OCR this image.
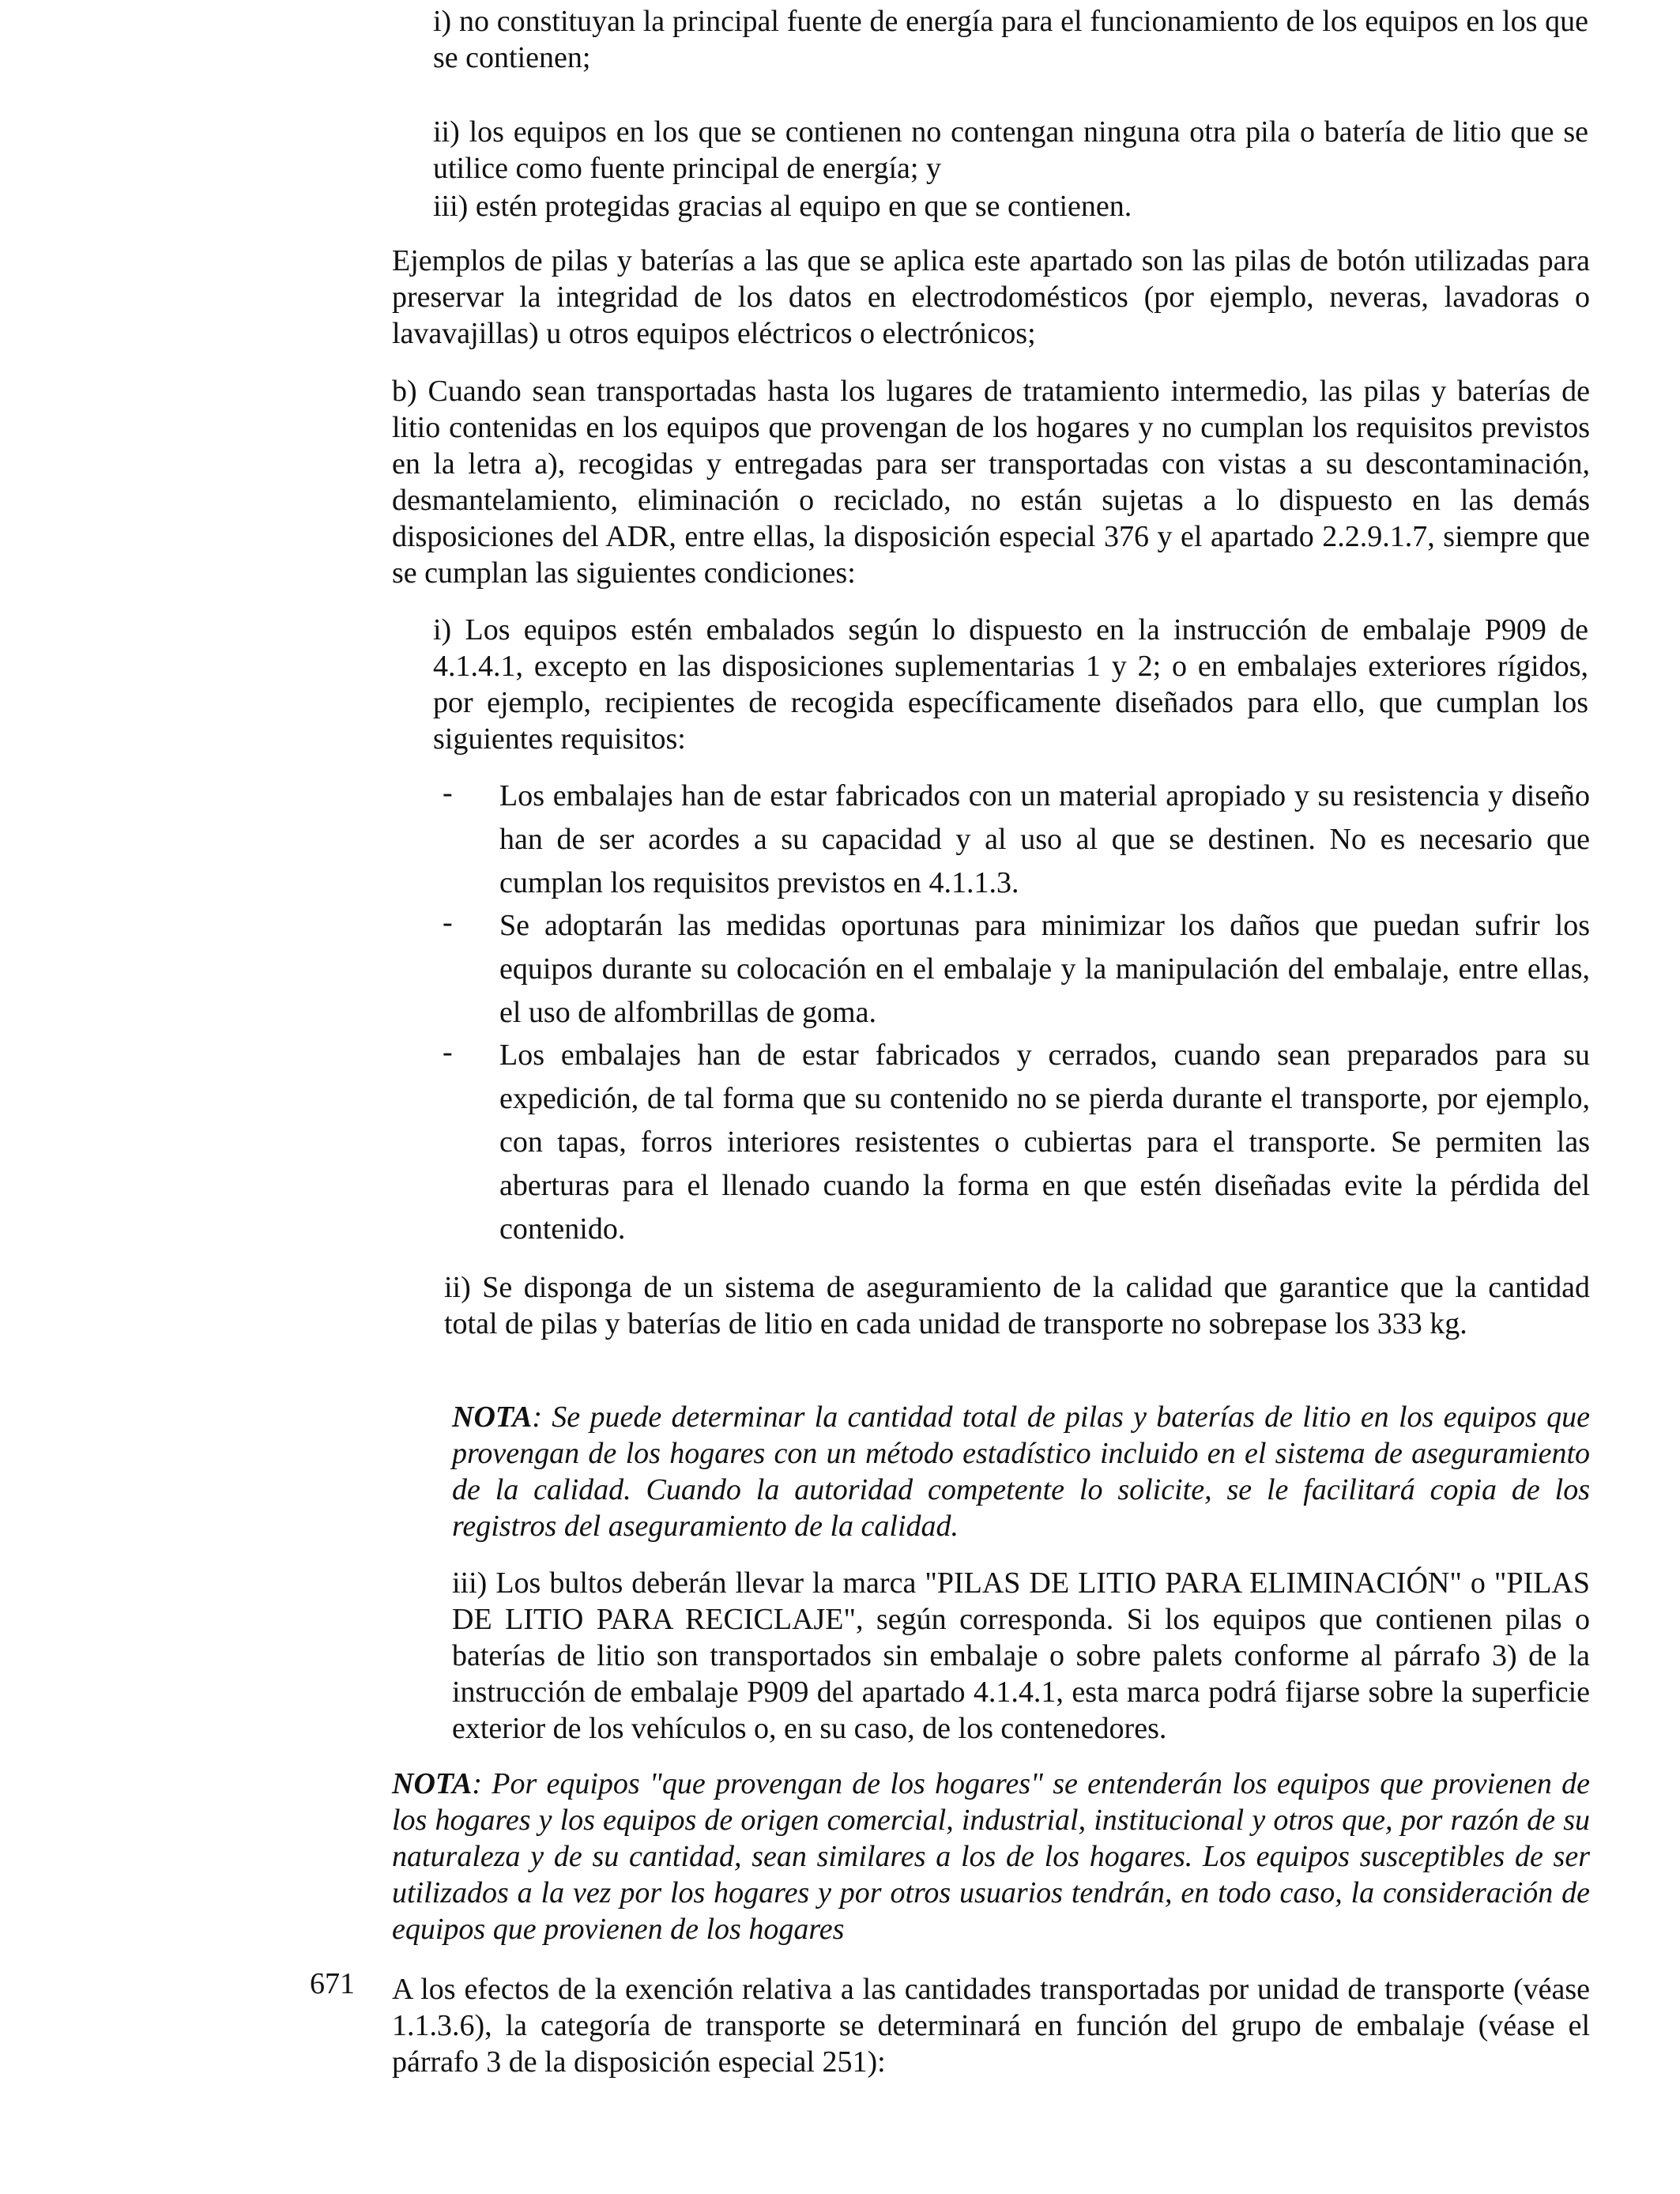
i) no constituyan la principal fuente de energía para el funcionamiento de los equipos en los que se contienen;

ii) los equipos en los que se contienen no contengan ninguna otra pila o batería de litio que se utilice como fuente principal de energía; y

iii) estén protegidas gracias al equipo en que se contienen.

Ejemplos de pilas y baterías a las que se aplica este apartado son las pilas de botón utilizadas para preservar la integridad de los datos en electrodomésticos (por ejemplo, neveras, lavadoras o lavavajillas) u otros equipos eléctricos o electrónicos;

b) Cuando sean transportadas hasta los lugares de tratamiento intermedio, las pilas y baterías de litio contenidas en los equipos que provengan de los hogares y no cumplan los requisitos previstos en la letra a), recogidas y entregadas para ser transportadas con vistas a su descontaminación, desmantelamiento, eliminación o reciclado, no están sujetas a lo dispuesto en las demás disposiciones del ADR, entre ellas, la disposición especial 376 y el apartado 2.2.9.1.7, siempre que se cumplan las siguientes condiciones:

i) Los equipos estén embalados según lo dispuesto en la instrucción de embalaje P909 de 4.1.4.1, excepto en las disposiciones suplementarias 1 y 2; o en embalajes exteriores rígidos, por ejemplo, recipientes de recogida específicamente diseñados para ello, que cumplan los siguientes requisitos:

-	Los embalajes han de estar fabricados con un material apropiado y su resistencia y diseño han de ser acordes a su capacidad y al uso al que se destinen. No es necesario que cumplan los requisitos previstos en 4.1.1.3.
-	Se adoptarán las medidas oportunas para minimizar los daños que puedan sufrir los equipos durante su colocación en el embalaje y la manipulación del embalaje, entre ellas, el uso de alfombrillas de goma.
-	Los embalajes han de estar fabricados y cerrados, cuando sean preparados para su expedición, de tal forma que su contenido no se pierda durante el transporte, por ejemplo, con tapas, forros interiores resistentes o cubiertas para el transporte. Se permiten las aberturas para el llenado cuando la forma en que estén diseñadas evite la pérdida del contenido.

ii) Se disponga de un sistema de aseguramiento de la calidad que garantice que la cantidad total de pilas y baterías de litio en cada unidad de transporte no sobrepase los 333 kg.

NOTA: Se puede determinar la cantidad total de pilas y baterías de litio en los equipos que provengan de los hogares con un método estadístico incluido en el sistema de aseguramiento de la calidad. Cuando la autoridad competente lo solicite, se le facilitará copia de los registros del aseguramiento de la calidad.

iii) Los bultos deberán llevar la marca "PILAS DE LITIO PARA ELIMINACIÓN" o "PILAS DE LITIO PARA RECICLAJE", según corresponda. Si los equipos que contienen pilas o baterías de litio son transportados sin embalaje o sobre palets conforme al párrafo 3) de la instrucción de embalaje P909 del apartado 4.1.4.1, esta marca podrá fijarse sobre la superficie exterior de los vehículos o, en su caso, de los contenedores.

NOTA: Por equipos "que provengan de los hogares" se entenderán los equipos que provienen de los hogares y los equipos de origen comercial, industrial, institucional y otros que, por razón de su naturaleza y de su cantidad, sean similares a los de los hogares. Los equipos susceptibles de ser utilizados a la vez por los hogares y por otros usuarios tendrán, en todo caso, la consideración de equipos que provienen de los hogares

671 A los efectos de la exención relativa a las cantidades transportadas por unidad de transporte (véase 1.1.3.6), la categoría de transporte se determinará en función del grupo de embalaje (véase el párrafo 3 de la disposición especial 251):
